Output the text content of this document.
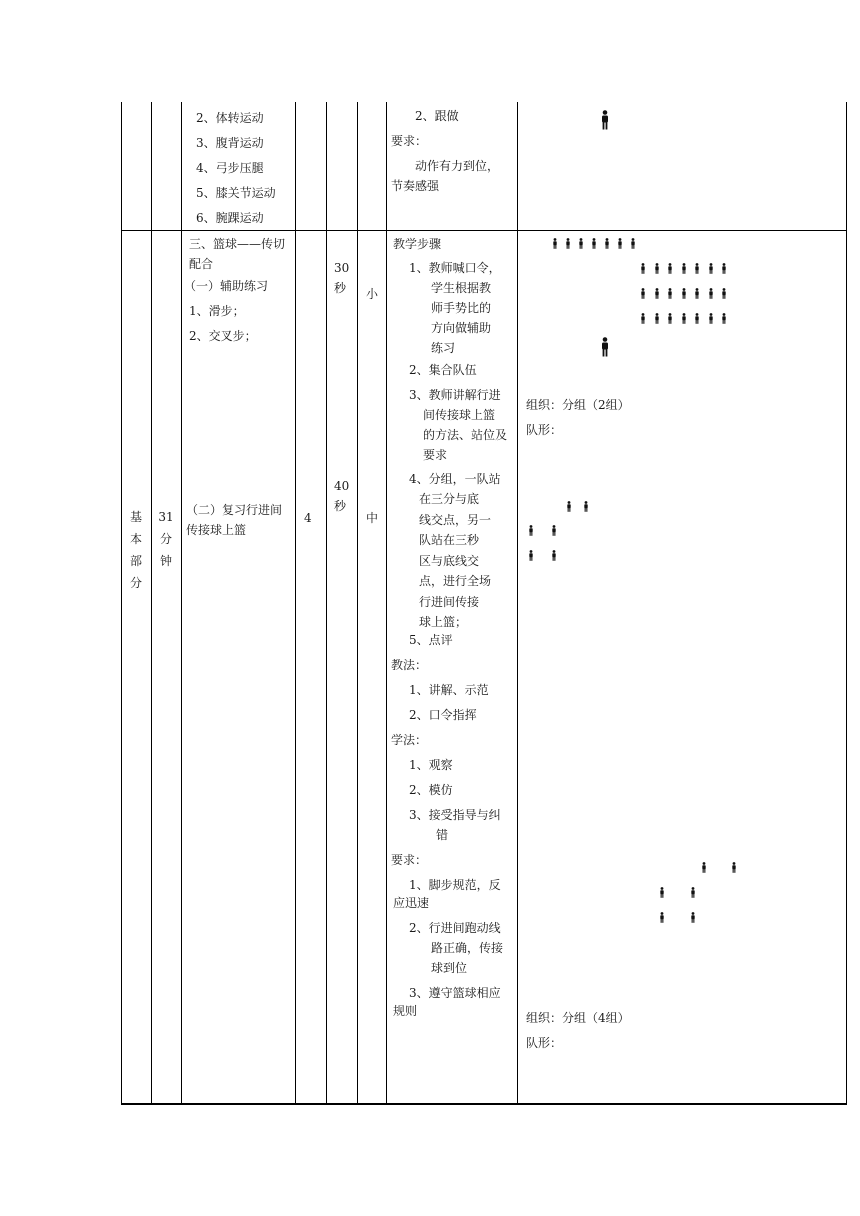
2、体转运动
3、腹背运动
4、弓步压腿
5、膝关节运动
6、腕踝运动
2、跟做
要求：
动作有力到位，
节奏感强
基
本
部
分
31
分
钟
三、篮球——传切
配合
（一）辅助练习
1、滑步；
2、交叉步；
（二）复习行进间
传接球上篮
4
30
秒
40
秒
小
中
教学步骤
1、教师喊口令，
学生根据教
师手势比的
方向做辅助
练习
2、集合队伍
3、教师讲解行进
间传接球上篮
的方法、站位及
要求
4、分组，一队站
在三分与底
线交点，另一
队站在三秒
区与底线交
点，进行全场
行进间传接
球上篮；
5、点评
教法：
1、讲解、示范
2、口令指挥
学法：
1、观察
2、模仿
3、接受指导与纠
错
要求：
1、脚步规范，反
应迅速
2、行进间跑动线
路正确，传接
球到位
3、遵守篮球相应
规则
组织：分组（2组）
队形：
组织：分组（4组）
队形：
